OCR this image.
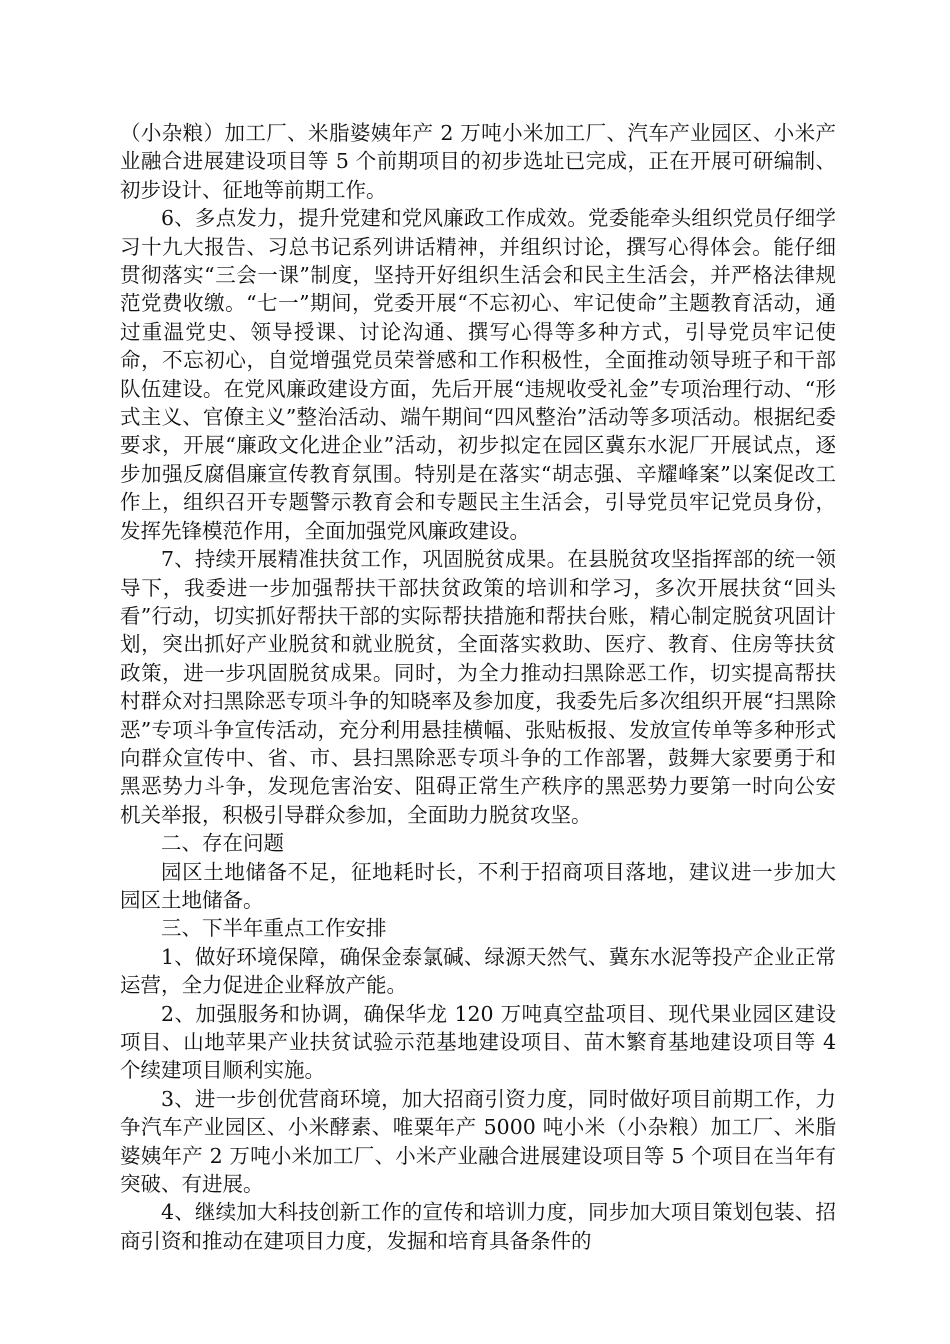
（小杂粮）加工厂、米脂婆姨年产 2 万吨小米加工厂、汽车产业园区、小米产业融合进展建设项目等 5 个前期项目的初步选址已完成，正在开展可研编制、初步设计、征地等前期工作。

6、多点发力，提升党建和党风廉政工作成效。党委能牵头组织党员仔细学习十九大报告、习总书记系列讲话精神，并组织讨论，撰写心得体会。能仔细贯彻落实“三会一课”制度，坚持开好组织生活会和民主生活会，并严格法律规范党费收缴。“七一”期间，党委开展“不忘初心、牢记使命”主题教育活动，通过重温党史、领导授课、讨论沟通、撰写心得等多种方式，引导党员牢记使命，不忘初心，自觉增强党员荣誉感和工作积极性，全面推动领导班子和干部队伍建设。在党风廉政建设方面，先后开展“违规收受礼金”专项治理行动、“形式主义、官僚主义”整治活动、端午期间“四风整治”活动等多项活动。根据纪委要求，开展“廉政文化进企业”活动，初步拟定在园区冀东水泥厂开展试点，逐步加强反腐倡廉宣传教育氛围。特别是在落实“胡志强、辛耀峰案”以案促改工作上，组织召开专题警示教育会和专题民主生活会，引导党员牢记党员身份，发挥先锋模范作用，全面加强党风廉政建设。

7、持续开展精准扶贫工作，巩固脱贫成果。在县脱贫攻坚指挥部的统一领导下，我委进一步加强帮扶干部扶贫政策的培训和学习，多次开展扶贫“回头看”行动，切实抓好帮扶干部的实际帮扶措施和帮扶台账，精心制定脱贫巩固计划，突出抓好产业脱贫和就业脱贫，全面落实救助、医疗、教育、住房等扶贫政策，进一步巩固脱贫成果。同时，为全力推动扫黑除恶工作，切实提高帮扶村群众对扫黑除恶专项斗争的知晓率及参加度，我委先后多次组织开展“扫黑除恶”专项斗争宣传活动，充分利用悬挂横幅、张贴板报、发放宣传单等多种形式向群众宣传中、省、市、县扫黑除恶专项斗争的工作部署，鼓舞大家要勇于和黑恶势力斗争，发现危害治安、阻碍正常生产秩序的黑恶势力要第一时向公安机关举报，积极引导群众参加，全面助力脱贫攻坚。

二、存在问题

园区土地储备不足，征地耗时长，不利于招商项目落地，建议进一步加大园区土地储备。

三、下半年重点工作安排

1、做好环境保障，确保金泰氯碱、绿源天然气、冀东水泥等投产企业正常运营，全力促进企业释放产能。

2、加强服务和协调，确保华龙 120 万吨真空盐项目、现代果业园区建设项目、山地苹果产业扶贫试验示范基地建设项目、苗木繁育基地建设项目等 4 个续建项目顺利实施。

3、进一步创优营商环境，加大招商引资力度，同时做好项目前期工作，力争汽车产业园区、小米酵素、唯粟年产 5000 吨小米（小杂粮）加工厂、米脂婆姨年产 2 万吨小米加工厂、小米产业融合进展建设项目等 5 个项目在当年有突破、有进展。

4、继续加大科技创新工作的宣传和培训力度，同步加大项目策划包装、招商引资和推动在建项目力度，发掘和培育具备条件的
